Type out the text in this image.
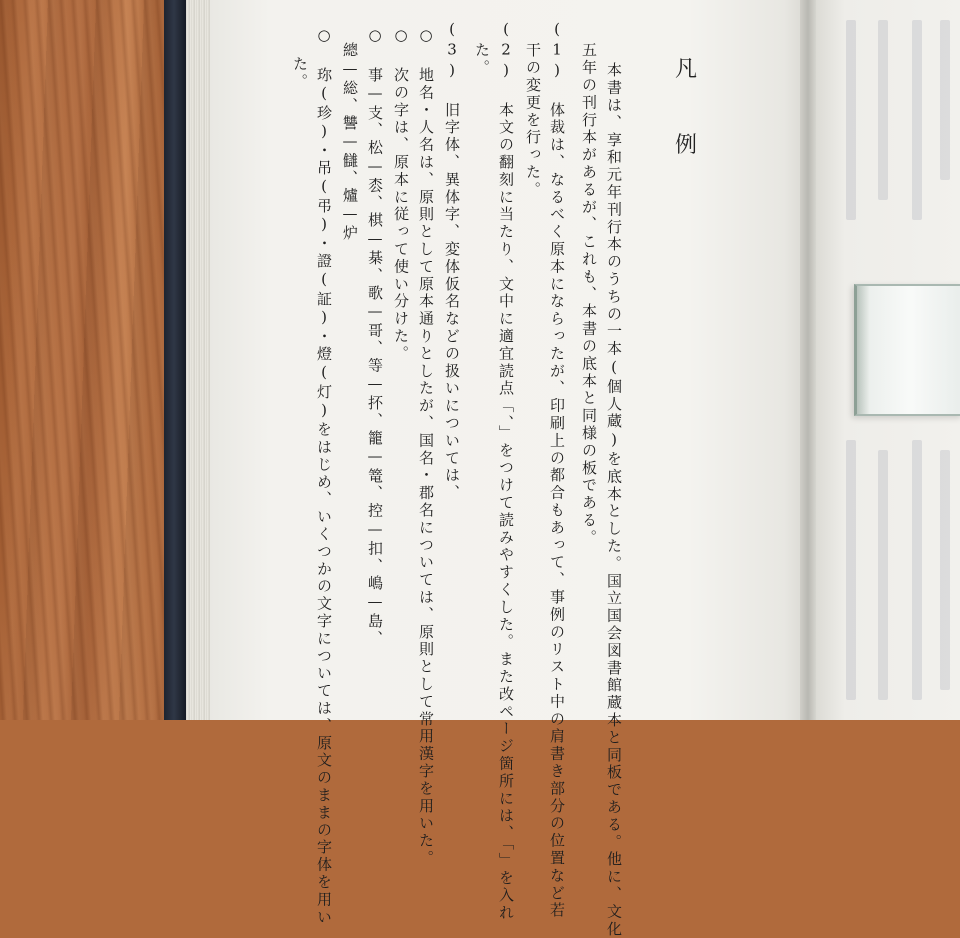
凡
例
本書は、享和元年刊行本のうちの一本(個人蔵)を底本とした。国立国会図書館蔵本と同板である。他に、文化
五年の刊行本があるが、これも、本書の底本と同様の板である。
(1) 体裁は、なるべく原本にならったが、印刷上の都合もあって、事例のリスト中の肩書き部分の位置など若
干の変更を行った。
(2) 本文の翻刻に当たり、文中に適宜読点「、」をつけて読みやすくした。また改ページ箇所には、「」を入れ
た。
(3) 旧字体、異体字、変体仮名などの扱いについては、
○ 地名・人名は、原則として原本通りとしたが、国名・郡名については、原則として常用漢字を用いた。
○ 次の字は、原本に従って使い分けた。
○ 事—支、松—枩、棋—棊、歌—哥、等—抔、籠—篭、控—扣、嶋—島、
總—総、讐—讎、爐—炉
○ 珎(珍)・吊(弔)・證(証)・燈(灯)をはじめ、いくつかの文字については、原文のままの字体を用い
た。
